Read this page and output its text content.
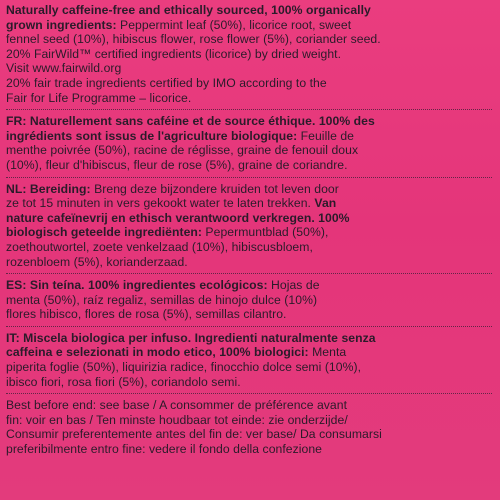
Naturally caffeine-free and ethically sourced, 100% organically
grown ingredients: Peppermint leaf (50%), licorice root, sweet
fennel seed (10%), hibiscus flower, rose flower (5%), coriander seed.
20% FairWild™ certified ingredients (licorice) by dried weight.
Visit www.fairwild.org
20% fair trade ingredients certified by IMO according to the
Fair for Life Programme – licorice.
FR: Naturellement sans caféine et de source éthique. 100% des
ingrédients sont issus de l'agriculture biologique: Feuille de
menthe poivrée (50%), racine de réglisse, graine de fenouil doux
(10%), fleur d'hibiscus, fleur de rose (5%), graine de coriandre.
NL: Bereiding: Breng deze bijzondere kruiden tot leven door
ze tot 15 minuten in vers gekookt water te laten trekken. Van
nature cafeïnevrij en ethisch verantwoord verkregen. 100%
biologisch geteelde ingrediënten: Pepermuntblad (50%),
zoethoutwortel, zoete venkelzaad (10%), hibiscusbloem,
rozenbloem (5%), korianderzaad.
ES: Sin teína. 100% ingredientes ecológicos: Hojas de
menta (50%), raíz regaliz, semillas de hinojo dulce (10%)
flores hibisco, flores de rosa (5%), semillas cilantro.
IT: Miscela biologica per infuso. Ingredienti naturalmente senza
caffeina e selezionati in modo etico, 100% biologici: Menta
piperita foglie (50%), liquirizia radice, finocchio dolce semi (10%),
ibisco fiori, rosa fiori (5%), coriandolo semi.
Best before end: see base / A consommer de préférence avant
fin: voir en bas / Ten minste houdbaar tot einde: zie onderzijde/
Consumir preferentemente antes del fin de: ver base/ Da consumarsi
preferibilmente entro fine: vedere il fondo della confezione
